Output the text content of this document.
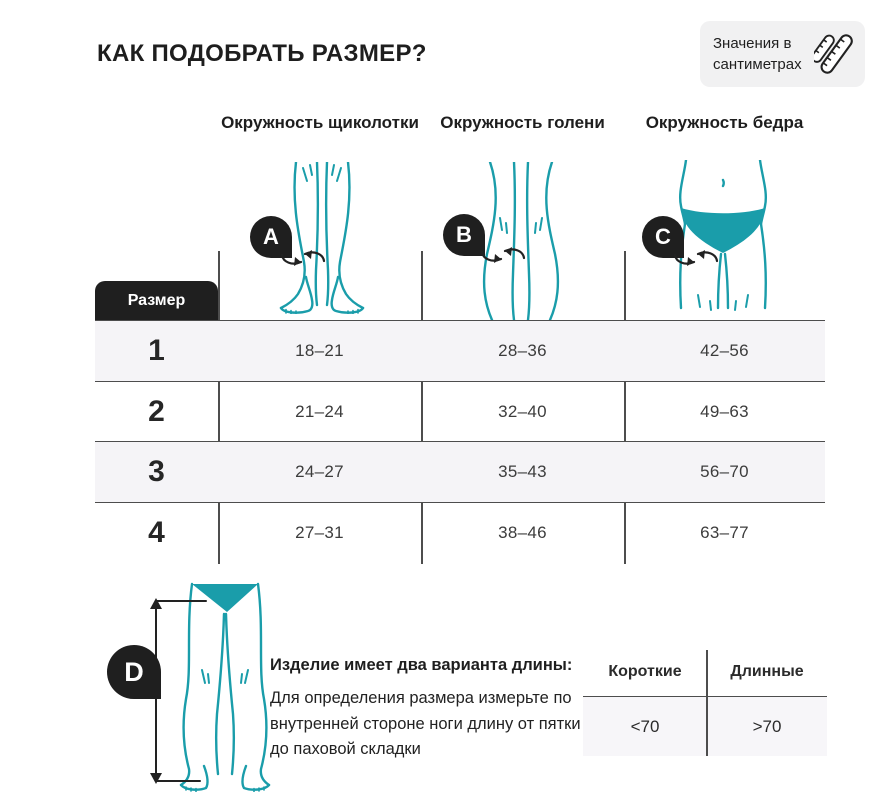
КАК ПОДОБРАТЬ РАЗМЕР?	Значения в сантиметрах
Окружность щиколотки	Окружность голени	Окружность бедра
A	B	C
Размер
1	18–21	28–36	42–56
2	21–24	32–40	49–63
3	24–27	35–43	56–70
4	27–31	38–46	63–77
D	Изделие имеет два варианта длины:
Для определения размера измерьте по внутренней стороне ноги длину от пятки до паховой складки
Короткие	Длинные
<70	>70
